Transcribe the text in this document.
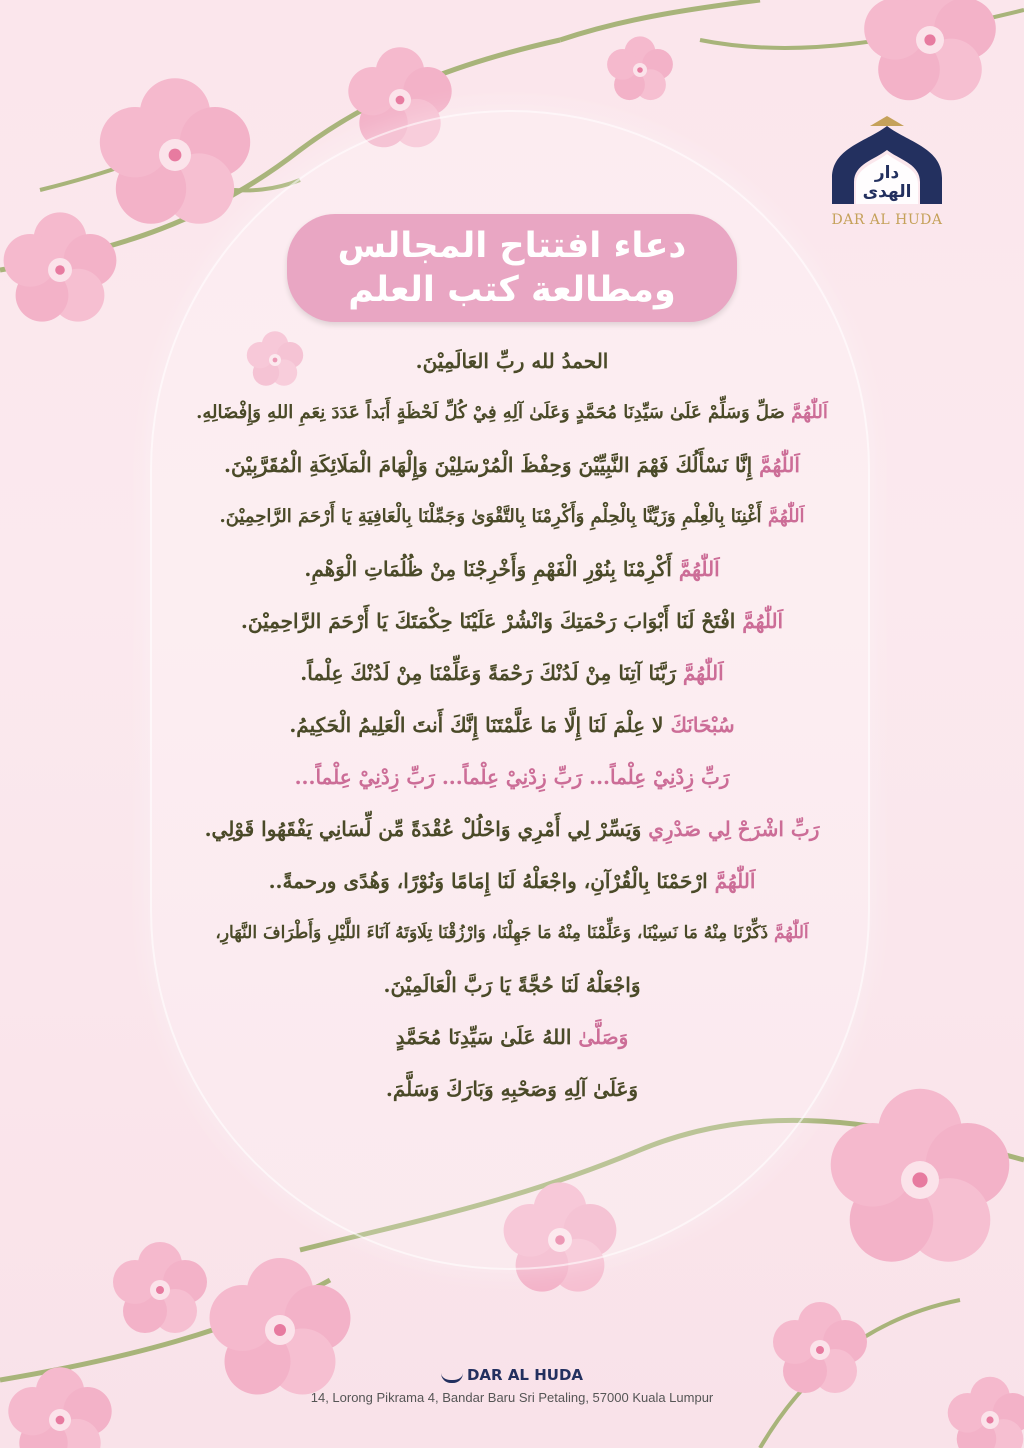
دار الهدى
DAR AL HUDA
دعاء افتتاح المجالس
ومطالعة كتب العلم
الحمدُ لله ربِّ العَالَمِيْنَ.
اَللّٰهُمَّ صَلِّ وَسَلِّمْ عَلَىٰ سَيِّدِنَا مُحَمَّدٍ وَعَلَىٰ آلِهِ فِيْ كُلِّ لَحْظَةٍ أَبَداً عَدَدَ نِعَمِ اللهِ وَإِفْضَالِهِ.
اَللّٰهُمَّ إِنَّا نَسْأَلُكَ فَهْمَ النَّبِيِّيْنَ وَحِفْظَ الْمُرْسَلِيْنَ وَإِلْهَامَ الْمَلَائِكَةِ الْمُقَرَّبِيْنَ.
اَللّٰهُمَّ أَغْنِنَا بِالْعِلْمِ وَزَيِّنَّا بِالْحِلْمِ وَأَكْرِمْنَا بِالتَّقْوَىٰ وَجَمِّلْنَا بِالْعَافِيَةِ يَا أَرْحَمَ الرَّاحِمِيْنَ.
اَللّٰهُمَّ أَكْرِمْنَا بِنُوْرِ الْفَهْمِ وَأَخْرِجْنَا مِنْ ظُلُمَاتِ الْوَهْمِ.
اَللّٰهُمَّ افْتَحْ لَنَا أَبْوَابَ رَحْمَتِكَ وَانْشُرْ عَلَيْنَا حِكْمَتَكَ يَا أَرْحَمَ الرَّاحِمِيْنَ.
اَللّٰهُمَّ رَبَّنَا آتِنَا مِنْ لَدُنْكَ رَحْمَةً وَعَلِّمْنَا مِنْ لَدُنْكَ عِلْماً.
سُبْحَانَكَ لا عِلْمَ لَنَا إِلَّا مَا عَلَّمْتَنَا إِنَّكَ أَنتَ الْعَلِيمُ الْحَكِيمُ.
رَبِّ زِدْنِيْ عِلْماً... رَبِّ زِدْنِيْ عِلْماً... رَبِّ زِدْنِيْ عِلْماً...
رَبِّ اشْرَحْ لِي صَدْرِي وَيَسِّرْ لِي أَمْرِي وَاحْلُلْ عُقْدَةً مِّن لِّسَانِي يَفْقَهُوا قَوْلِي.
اَللّٰهُمَّ ارْحَمْنَا بِالْقُرْآنِ، واجْعَلْهُ لَنَا إِمَامًا وَنُوْرًا، وَهُدًى ورحمةً..
اَللّٰهُمَّ ذَكِّرْنَا مِنْهُ مَا نَسِيْنَا، وَعَلِّمْنَا مِنْهُ مَا جَهِلْنَا، وَارْزُقْنَا تِلَاوَتَهُ آنَاءَ اللَّيْلِ وَأَطْرَافَ النَّهَارِ،
وَاجْعَلْهُ لَنَا حُجَّةً يَا رَبَّ الْعَالَمِيْنَ.
وَصَلَّىٰ اللهُ عَلَىٰ سَيِّدِنَا مُحَمَّدٍ
وَعَلَىٰ آلِهِ وَصَحْبِهِ وَبَارَكَ وَسَلَّمَ.
DAR AL HUDA
14, Lorong Pikrama 4, Bandar Baru Sri Petaling, 57000 Kuala Lumpur
